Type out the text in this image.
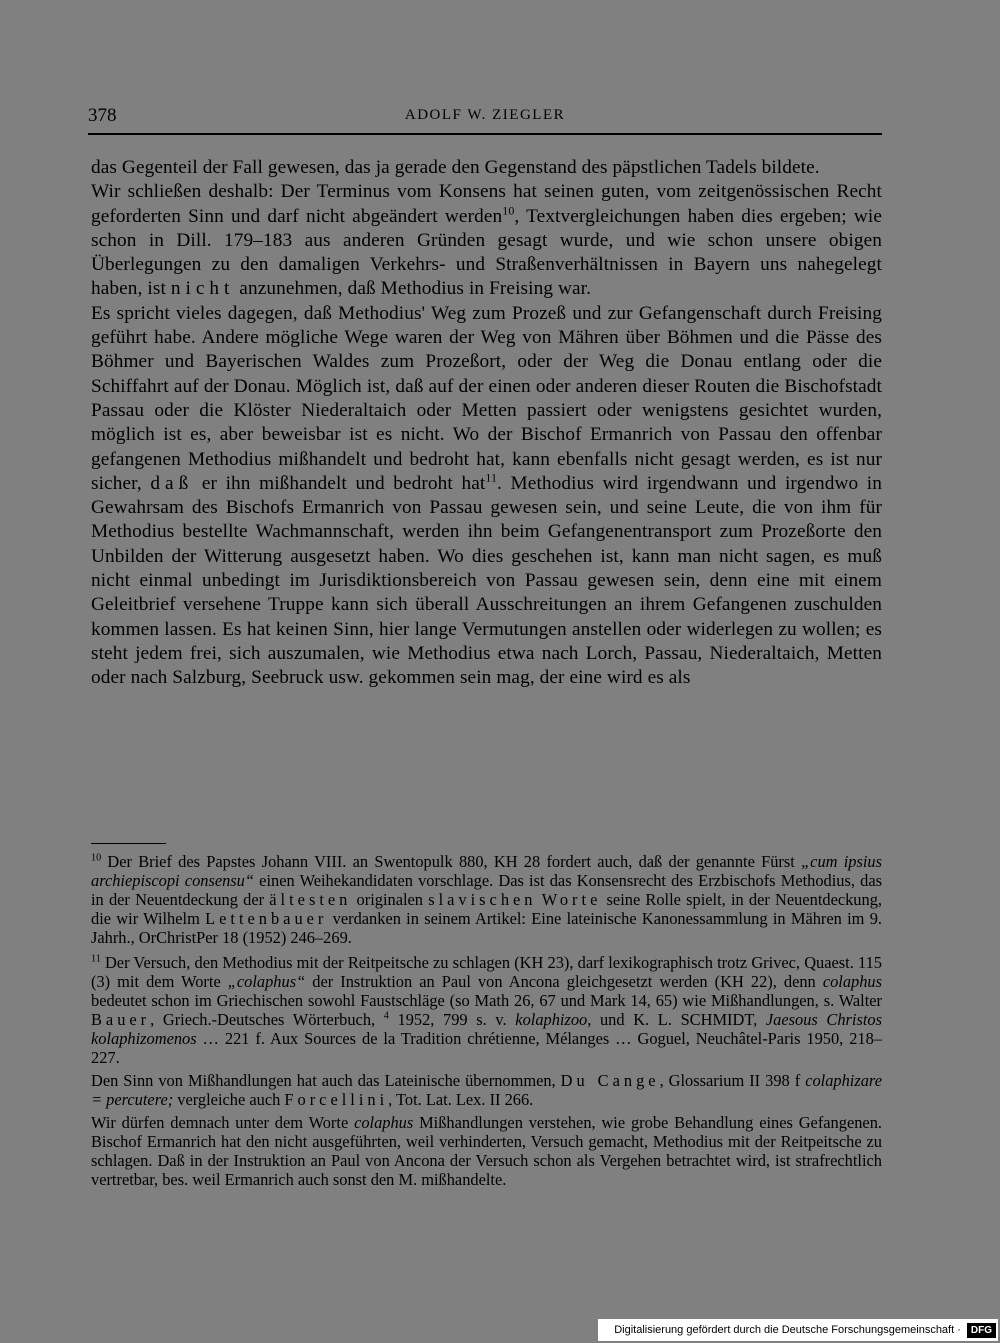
378	ADOLF W. ZIEGLER

das Gegenteil der Fall gewesen, das ja gerade den Gegenstand des päpstlichen Tadels bildete.

Wir schließen deshalb: Der Terminus vom Konsens hat seinen guten, vom zeitgenössischen Recht geforderten Sinn und darf nicht abgeändert werden$^{10}$, Textvergleichungen haben dies ergeben; wie schon in Dill. 179–183 aus anderen Gründen gesagt wurde, und wie schon unsere obigen Überlegungen zu den damaligen Verkehrs- und Straßenverhältnissen in Bayern uns nahegelegt haben, ist nicht anzunehmen, daß Methodius in Freising war.

Es spricht vieles dagegen, daß Methodius' Weg zum Prozeß und zur Gefangenschaft durch Freising geführt habe. Andere mögliche Wege waren der Weg von Mähren über Böhmen und die Pässe des Böhmer und Bayerischen Waldes zum Prozeßort, oder der Weg die Donau entlang oder die Schiffahrt auf der Donau. Möglich ist, daß auf der einen oder anderen dieser Routen die Bischofstadt Passau oder die Klöster Niederaltaich oder Metten passiert oder wenigstens gesichtet wurden, möglich ist es, aber beweisbar ist es nicht. Wo der Bischof Ermanrich von Passau den offenbar gefangenen Methodius mißhandelt und bedroht hat, kann ebenfalls nicht gesagt werden, es ist nur sicher, daß er ihn mißhandelt und bedroht hat$^{11}$. Methodius wird irgendwann und irgendwo in Gewahrsam des Bischofs Ermanrich von Passau gewesen sein, und seine Leute, die von ihm für Methodius bestellte Wachmannschaft, werden ihn beim Gefangenentransport zum Prozeßorte den Unbilden der Witterung ausgesetzt haben. Wo dies geschehen ist, kann man nicht sagen, es muß nicht einmal unbedingt im Jurisdiktionsbereich von Passau gewesen sein, denn eine mit einem Geleitbrief versehene Truppe kann sich überall Ausschreitungen an ihrem Gefangenen zuschulden kommen lassen. Es hat keinen Sinn, hier lange Vermutungen anstellen oder widerlegen zu wollen; es steht jedem frei, sich auszumalen, wie Methodius etwa nach Lorch, Passau, Niederaltaich, Metten oder nach Salzburg, Seebruck usw. gekommen sein mag, der eine wird es als

$^{10}$ Der Brief des Papstes Johann VIII. an Swentopulk 880, KH 28 fordert auch, daß der genannte Fürst „cum ipsius archiepiscopi consensu“ einen Weihekandidaten vorschlage. Das ist das Konsensrecht des Erzbischofs Methodius, das in der Neuentdeckung der ältesten originalen slavischen Worte seine Rolle spielt, in der Neuentdeckung, die wir Wilhelm Lettenbauer verdanken in seinem Artikel: Eine lateinische Kanonessammlung in Mähren im 9. Jahrh., OrChristPer 18 (1952) 246–269.

$^{11}$ Der Versuch, den Methodius mit der Reitpeitsche zu schlagen (KH 23), darf lexikographisch trotz Grivec, Quaest. 115 (3) mit dem Worte „colaphus“ der Instruktion an Paul von Ancona gleichgesetzt werden (KH 22), denn colaphus bedeutet schon im Griechischen sowohl Faustschläge (so Math 26, 67 und Mark 14, 65) wie Mißhandlungen, s. Walter Bauer, Griech.-Deutsches Wörterbuch, $^4$ 1952, 799 s. v. kolaphizoo, und K. L. SCHMIDT, Jaesous Christos kolaphizomenos … 221 f. Aux Sources de la Tradition chrétienne, Mélanges … Goguel, Neuchâtel-Paris 1950, 218–227.

Den Sinn von Mißhandlungen hat auch das Lateinische übernommen, Du Cange, Glossarium II 398 f colaphizare = percutere; vergleiche auch Forcellini, Tot. Lat. Lex. II 266.

Wir dürfen demnach unter dem Worte colaphus Mißhandlungen verstehen, wie grobe Behandlung eines Gefangenen. Bischof Ermanrich hat den nicht ausgeführten, weil verhinderten, Versuch gemacht, Methodius mit der Reitpeitsche zu schlagen. Daß in der Instruktion an Paul von Ancona der Versuch schon als Vergehen betrachtet wird, ist strafrechtlich vertretbar, bes. weil Ermanrich auch sonst den M. mißhandelte.

Digitalisierung gefördert durch die Deutsche Forschungsgemeinschaft ·	DFG
